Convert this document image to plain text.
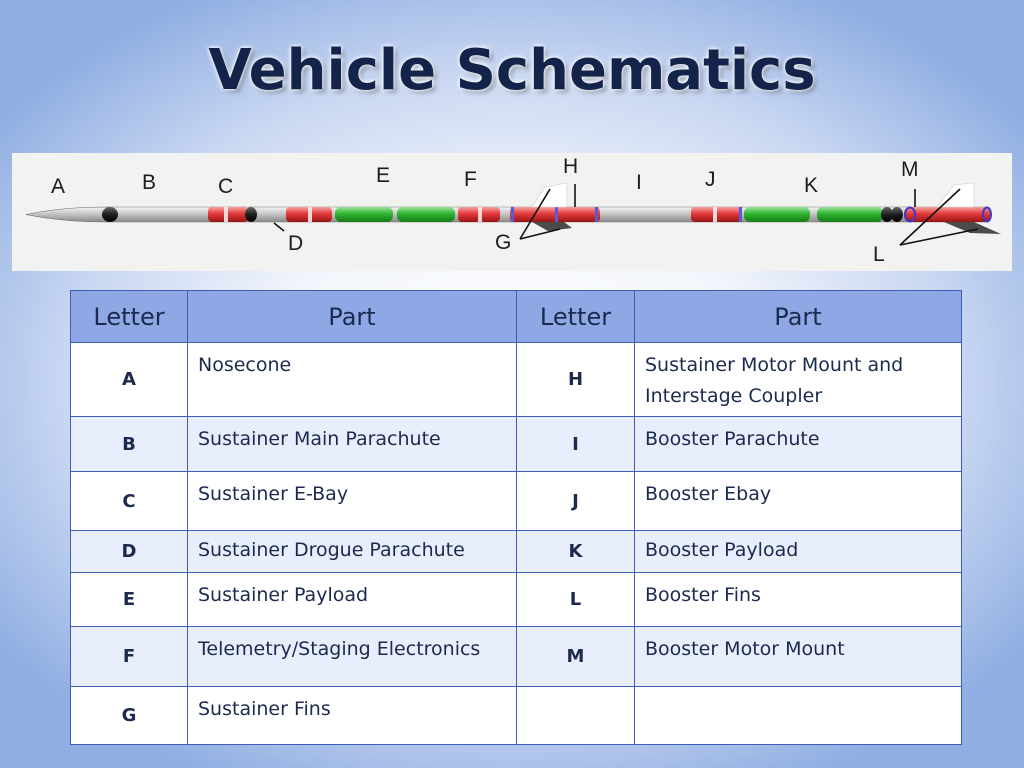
Vehicle Schematics
A	B	C
D
E	F
G
H
I	J	K
L
M
Letter	Part	Letter	Part
A	Nosecone	H	Sustainer Motor Mount and Interstage Coupler
B	Sustainer Main Parachute	I	Booster Parachute
C	Sustainer E-Bay	J	Booster Ebay
D	Sustainer Drogue Parachute	K	Booster Payload
E	Sustainer Payload	L	Booster Fins
F	Telemetry/Staging Electronics	M	Booster Motor Mount
G	Sustainer Fins		
